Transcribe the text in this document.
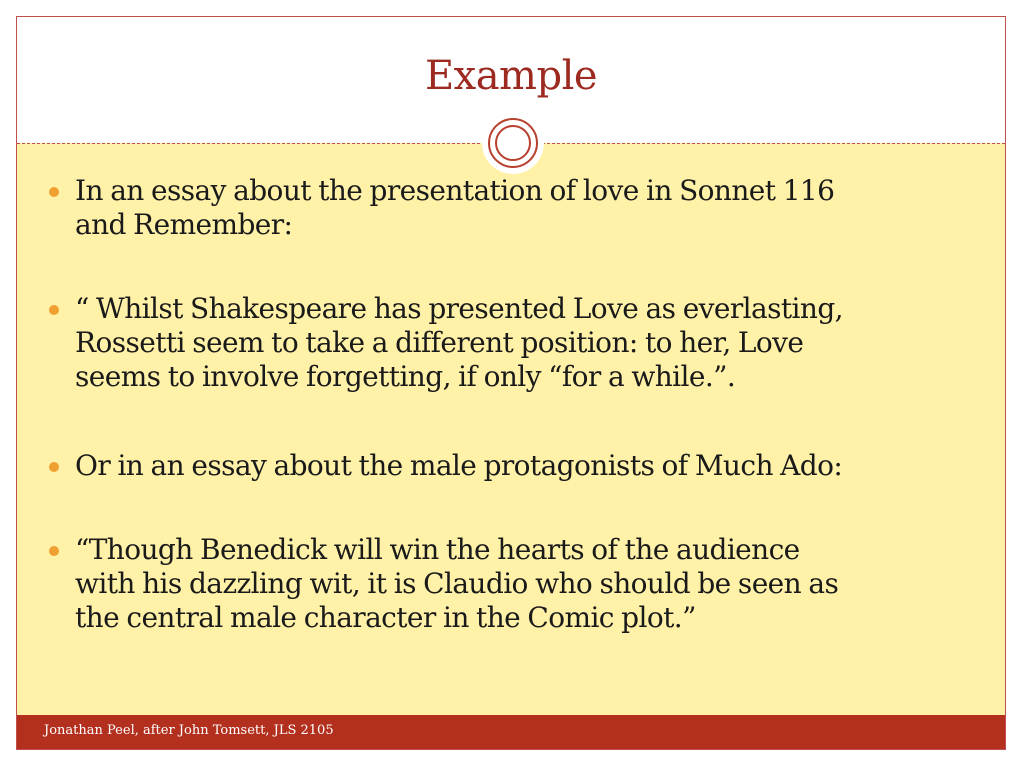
Example
In an essay about the presentation of love in Sonnet 116
and Remember:
“ Whilst Shakespeare has presented Love as everlasting,
Rossetti seem to take a different position: to her, Love
seems to involve forgetting, if only “for a while.”.
Or in an essay about the male protagonists of Much Ado:
“Though Benedick will win the hearts of the audience
with his dazzling wit, it is Claudio who should be seen as
the central male character in the Comic plot.”
Jonathan Peel, after John Tomsett, JLS 2105
